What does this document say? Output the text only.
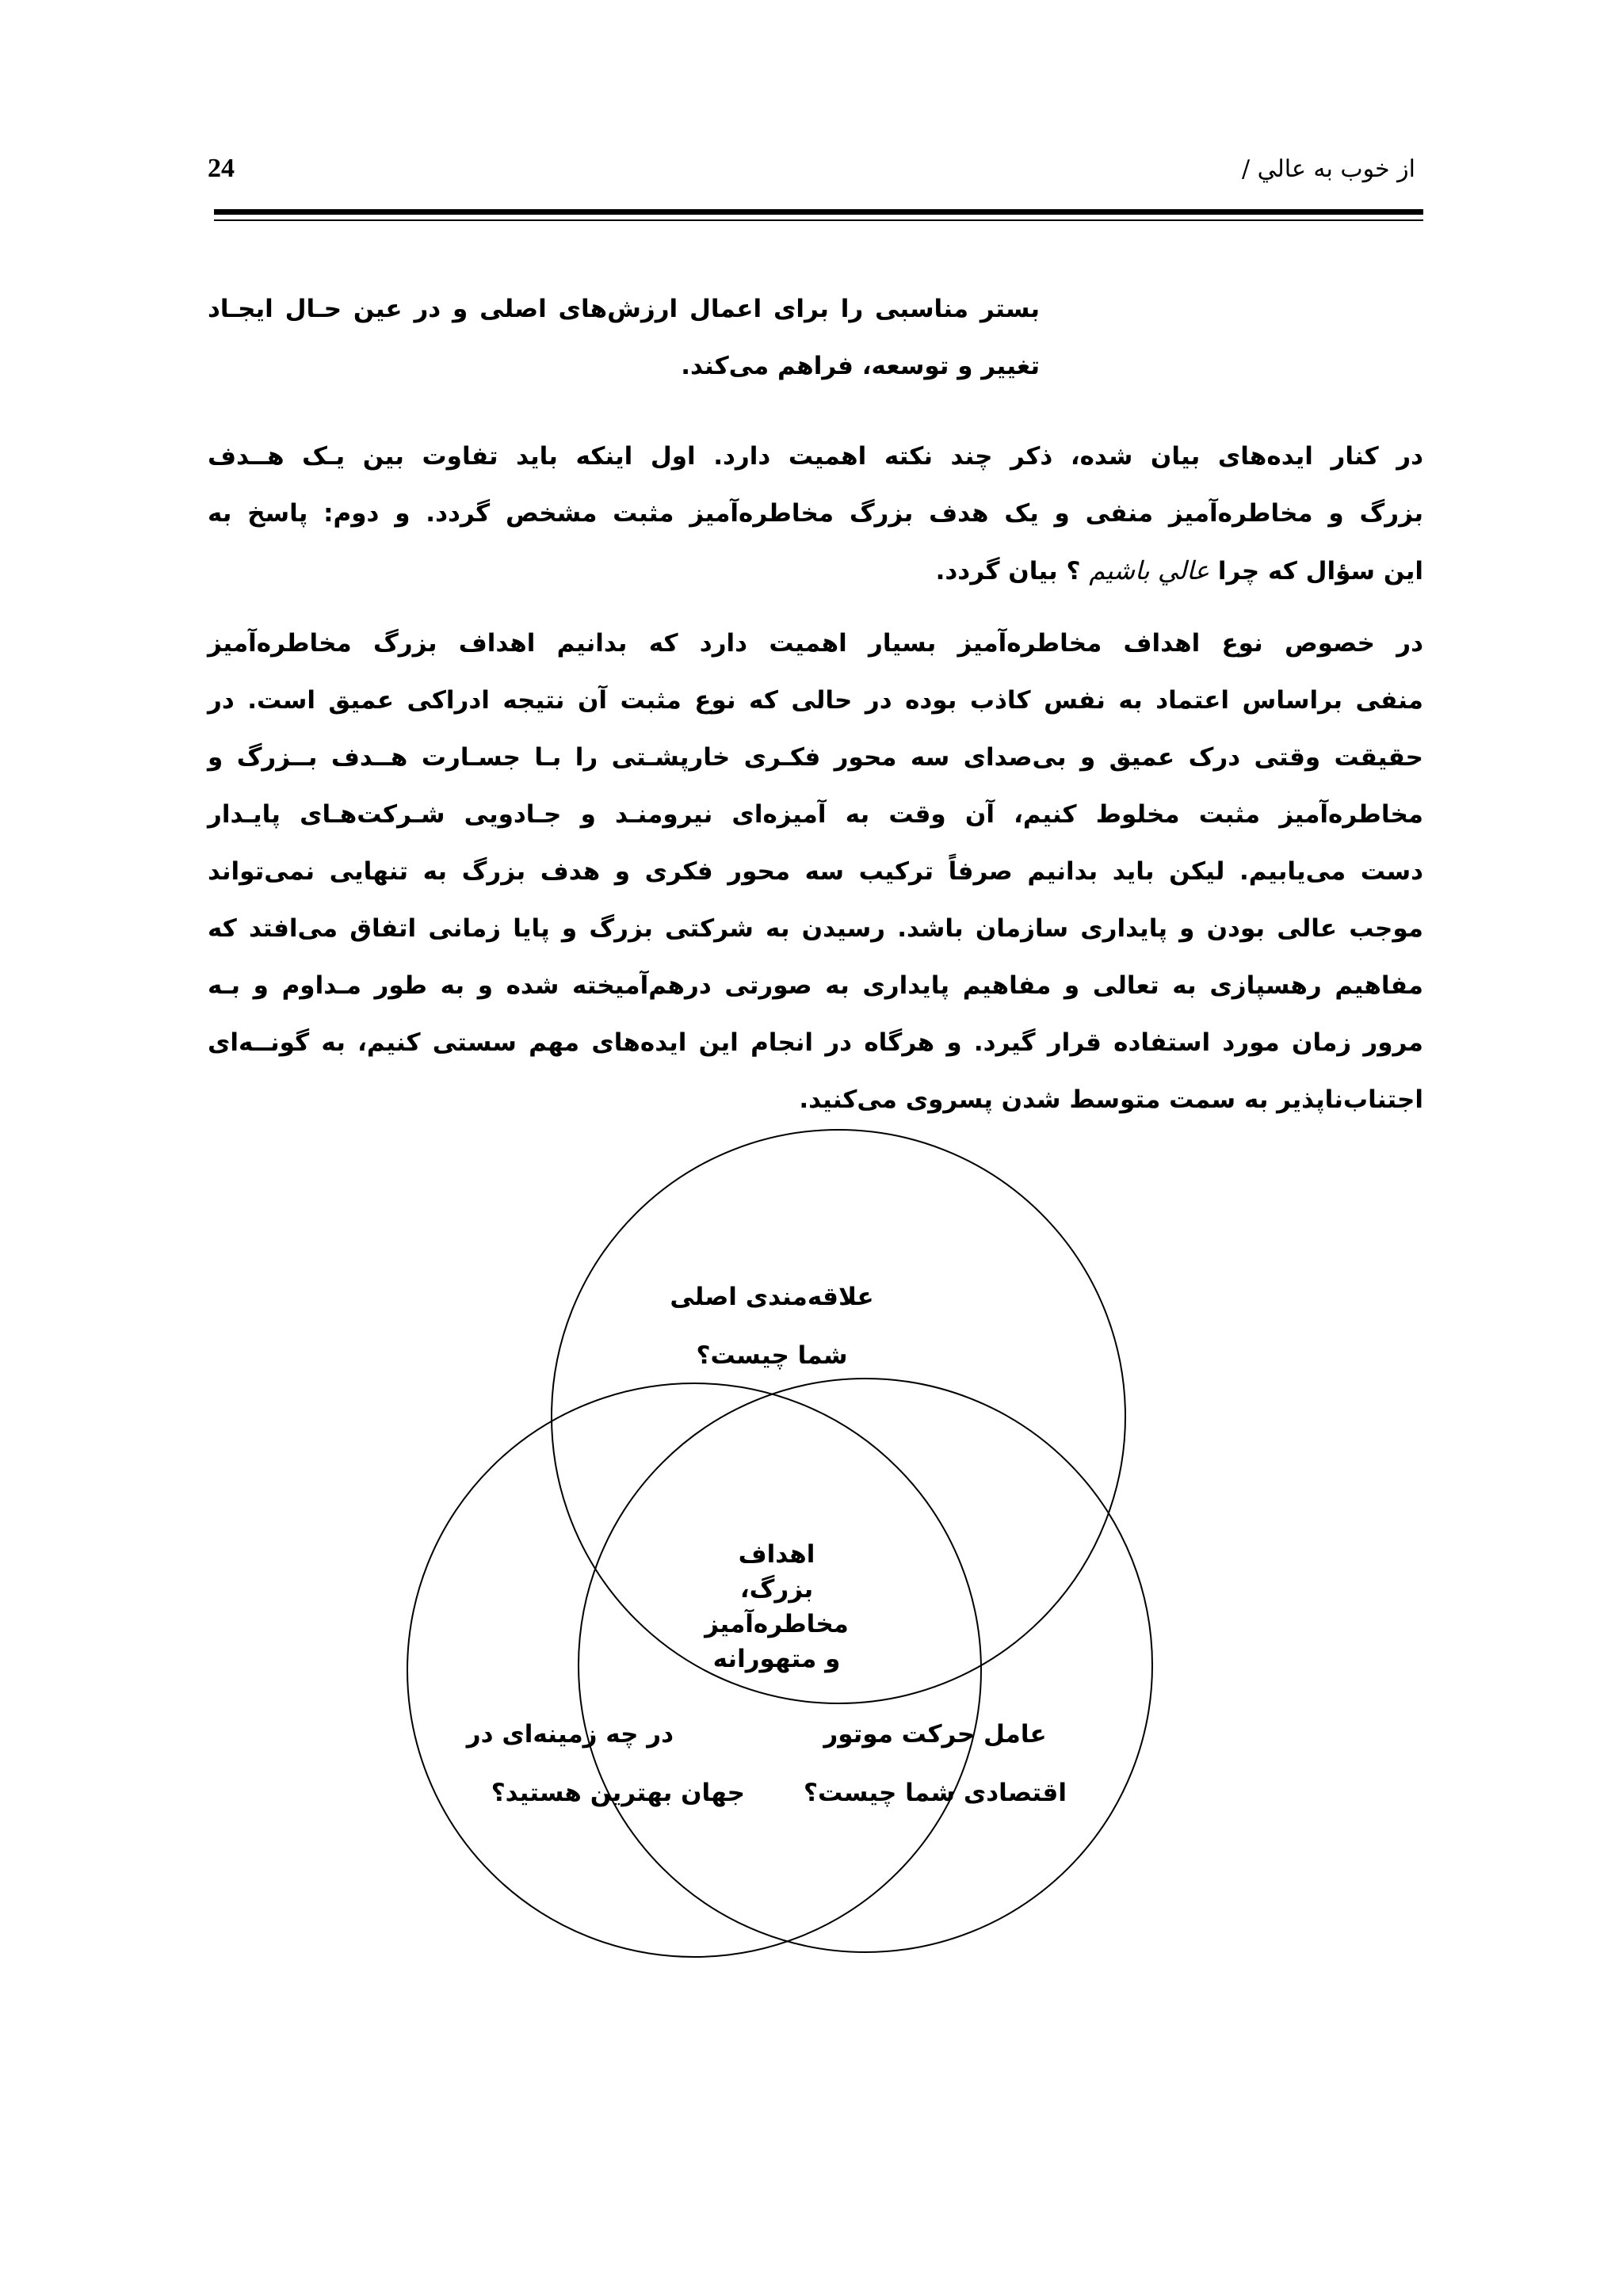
از خوب به عالي /
24
بستر مناسبی را برای اعمال ارزش‌های اصلی و در عین حـال ایجـاد
تغییر و توسعه، فراهم می‌کند.
در کنار ایده‌های بیان شده، ذکر چند نکته اهمیت دارد. اول اینکه باید تفاوت بین یـک هــدف
بزرگ و مخاطره‌آمیز منفی و یک هدف بزرگ مخاطره‌آمیز مثبت مشخص گردد. و دوم: پاسخ به
این سؤال که چرا عالي باشيم ؟ بیان گردد.
در خصوص نوع اهداف مخاطره‌آمیز بسیار اهمیت دارد که بدانیم اهداف بزرگ مخاطره‌آمیز
منفی براساس اعتماد به نفس کاذب بوده در حالی که نوع مثبت آن نتیجه ادراکی عمیق است. در
حقیقت وقتی درک عمیق و بی‌صدای سه محور فکـری خارپشـتی را بـا جسـارت هــدف بــزرگ و
مخاطره‌آمیز مثبت مخلوط کنیم، آن وقت به آمیزه‌ای نیرومنـد و جـادویی شـرکت‌هـای پایـدار
دست می‌یابیم. لیکن باید بدانیم صرفاً ترکیب سه محور فکری و هدف بزرگ به تنهایی نمی‌تواند
موجب عالی بودن و پایداری سازمان باشد. رسیدن به شرکتی بزرگ و پایا زمانی اتفاق می‌افتد که
مفاهیم رهسپازی به تعالی و مفاهیم پایداری به صورتی درهم‌آمیخته شده و به طور مـداوم و بـه
مرور زمان مورد استفاده قرار گیرد. و هرگاه در انجام این ایده‌های مهم سستی کنیم، به گونــه‌ای
اجتناب‌ناپذیر به سمت متوسط شدن پسروی می‌کنید.
علاقه‌مندی اصلی
شما چیست؟
در چه زمینه‌ای در
جهان بهترین هستید؟
عامل حرکت موتور
اقتصادی شما چیست؟
اهداف
بزرگ،
مخاطره‌آمیز
و متهورانه
